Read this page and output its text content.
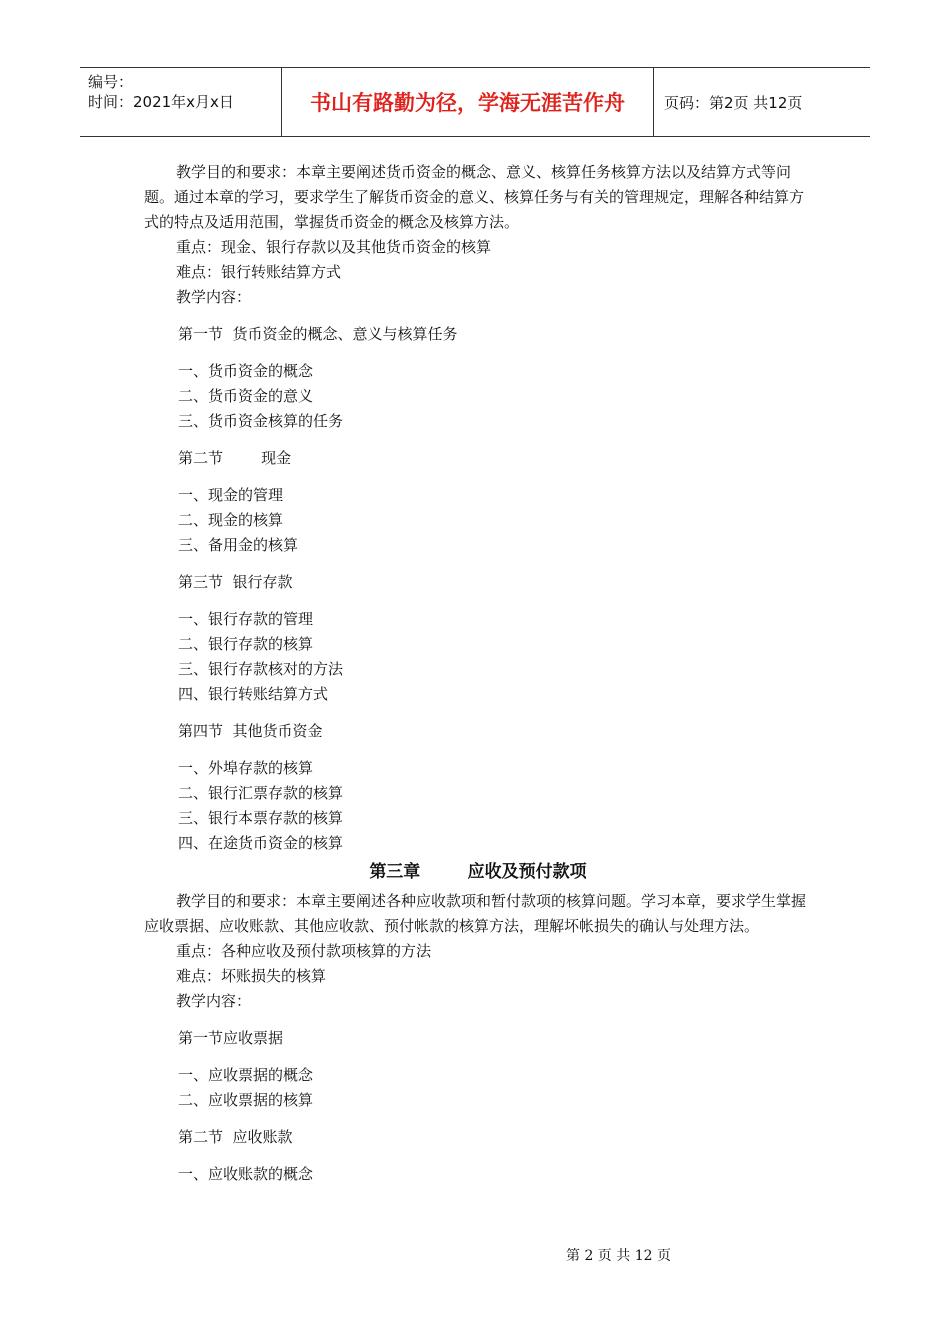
编号：
时间：2021年x月x日	书山有路勤为径，学海无涯苦作舟	页码：第2页 共12页
教学目的和要求：本章主要阐述货币资金的概念、意义、核算任务核算方法以及结算方式等问题。通过本章的学习，要求学生了解货币资金的意义、核算任务与有关的管理规定，理解各种结算方式的特点及适用范围，掌握货币资金的概念及核算方法。
重点：现金、银行存款以及其他货币资金的核算
难点：银行转账结算方式
教学内容：
第一节  货币资金的概念、意义与核算任务
一、货币资金的概念
二、货币资金的意义
三、货币资金核算的任务
第二节        现金
一、现金的管理
二、现金的核算
三、备用金的核算
第三节  银行存款
一、银行存款的管理
二、银行存款的核算
三、银行存款核对的方法
四、银行转账结算方式
第四节  其他货币资金
一、外埠存款的核算
二、银行汇票存款的核算
三、银行本票存款的核算
四、在途货币资金的核算
第三章        应收及预付款项
教学目的和要求：本章主要阐述各种应收款项和暂付款项的核算问题。学习本章，要求学生掌握应收票据、应收账款、其他应收款、预付帐款的核算方法，理解坏帐损失的确认与处理方法。
重点：各种应收及预付款项核算的方法
难点：坏账损失的核算
教学内容：
第一节应收票据
一、应收票据的概念
二、应收票据的核算
第二节  应收账款
一、应收账款的概念
第 2 页 共 12 页
